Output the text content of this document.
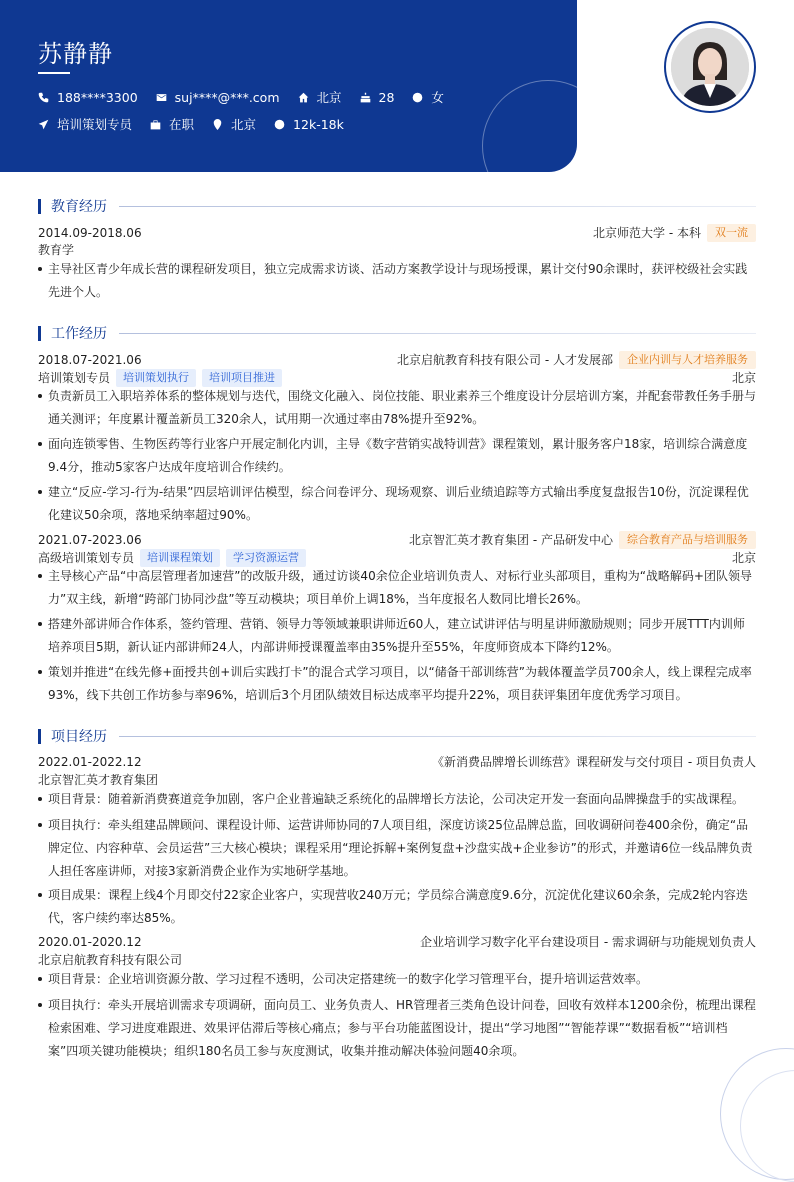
苏静静
188****3300	suj****@***.com	北京	28	女
培训策划专员	在职	北京	12k-18k
教育经历
2014.09-2018.06	北京师范大学 - 本科	双一流
教育学
主导社区青少年成长营的课程研发项目，独立完成需求访谈、活动方案教学设计与现场授课，累计交付90余课时，获评校级社会实践先进个人。
工作经历
2018.07-2021.06	北京启航教育科技有限公司 - 人才发展部	企业内训与人才培养服务
培训策划专员	培训策划执行	培训项目推进	北京
负责新员工入职培养体系的整体规划与迭代，围绕文化融入、岗位技能、职业素养三个维度设计分层培训方案，并配套带教任务手册与通关测评；年度累计覆盖新员工320余人，试用期一次通过率由78%提升至92%。
面向连锁零售、生物医药等行业客户开展定制化内训，主导《数字营销实战特训营》课程策划，累计服务客户18家，培训综合满意度9.4分，推动5家客户达成年度培训合作续约。
建立“反应-学习-行为-结果”四层培训评估模型，综合问卷评分、现场观察、训后业绩追踪等方式输出季度复盘报告10份，沉淀课程优化建议50余项，落地采纳率超过90%。
2021.07-2023.06	北京智汇英才教育集团 - 产品研发中心	综合教育产品与培训服务
高级培训策划专员	培训课程策划	学习资源运营	北京
主导核心产品“中高层管理者加速营”的改版升级，通过访谈40余位企业培训负责人、对标行业头部项目，重构为“战略解码+团队领导力”双主线，新增“跨部门协同沙盘”等互动模块；项目单价上调18%，当年度报名人数同比增长26%。
搭建外部讲师合作体系，签约管理、营销、领导力等领域兼职讲师近60人，建立试讲评估与明星讲师激励规则；同步开展TTT内训师培养项目5期，新认证内部讲师24人，内部讲师授课覆盖率由35%提升至55%，年度师资成本下降约12%。
策划并推进“在线先修+面授共创+训后实践打卡”的混合式学习项目，以“储备干部训练营”为载体覆盖学员700余人，线上课程完成率93%，线下共创工作坊参与率96%，培训后3个月团队绩效目标达成率平均提升22%，项目获评集团年度优秀学习项目。
项目经历
2022.01-2022.12	《新消费品牌增长训练营》课程研发与交付项目 - 项目负责人
北京智汇英才教育集团
项目背景：随着新消费赛道竞争加剧，客户企业普遍缺乏系统化的品牌增长方法论，公司决定开发一套面向品牌操盘手的实战课程。
项目执行：牵头组建品牌顾问、课程设计师、运营讲师协同的7人项目组，深度访谈25位品牌总监，回收调研问卷400余份，确定“品牌定位、内容种草、会员运营”三大核心模块；课程采用“理论拆解+案例复盘+沙盘实战+企业参访”的形式，并邀请6位一线品牌负责人担任客座讲师，对接3家新消费企业作为实地研学基地。
项目成果：课程上线4个月即交付22家企业客户，实现营收240万元；学员综合满意度9.6分，沉淀优化建议60余条，完成2轮内容迭代，客户续约率达85%。
2020.01-2020.12	企业培训学习数字化平台建设项目 - 需求调研与功能规划负责人
北京启航教育科技有限公司
项目背景：企业培训资源分散、学习过程不透明，公司决定搭建统一的数字化学习管理平台，提升培训运营效率。
项目执行：牵头开展培训需求专项调研，面向员工、业务负责人、HR管理者三类角色设计问卷，回收有效样本1200余份，梳理出课程检索困难、学习进度难跟进、效果评估滞后等核心痛点；参与平台功能蓝图设计，提出“学习地图”“智能荐课”“数据看板”“培训档案”四项关键功能模块；组织180名员工参与灰度测试，收集并推动解决体验问题40余项。
